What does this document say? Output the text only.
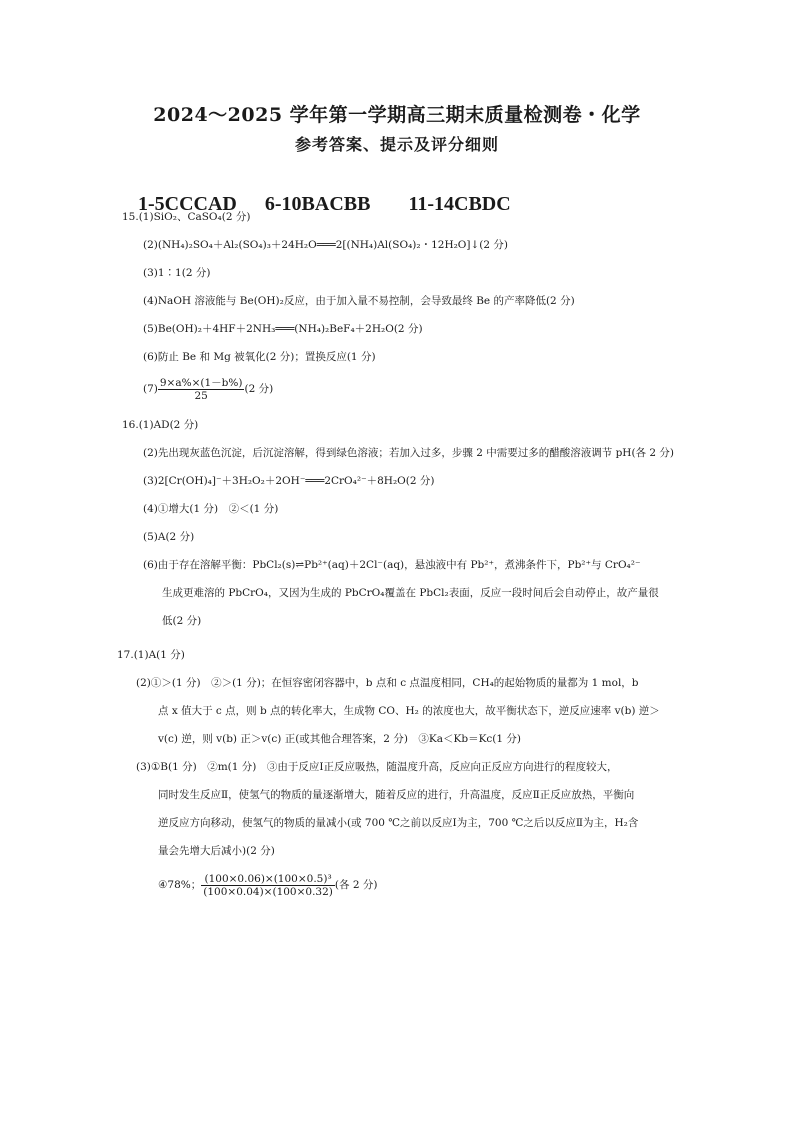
2024～2025 学年第一学期高三期末质量检测卷・化学
参考答案、提示及评分细则

1-5CCCAD 6-10BACBB 11-14CBDC

15.(1)SiO₂、CaSO₄(2 分)
(2)(NH₄)₂SO₄＋Al₂(SO₄)₃＋24H₂O═══2[(NH₄)Al(SO₄)₂・12H₂O]↓(2 分)
(3)1∶1(2 分)
(4)NaOH 溶液能与 Be(OH)₂反应，由于加入量不易控制，会导致最终 Be 的产率降低(2 分)
(5)Be(OH)₂＋4HF＋2NH₃═══(NH₄)₂BeF₄＋2H₂O(2 分)
(6)防止 Be 和 Mg 被氧化(2 分)；置换反应(1 分)
$(7) \frac{9\times a\%\times(1-b\%)}{25} (2$ 分)
16.(1)AD(2 分)
(2)先出现灰蓝色沉淀，后沉淀溶解，得到绿色溶液；若加入过多，步骤 2 中需要过多的醋酸溶液调节 pH(各 2 分)
(3)2[Cr(OH)₄]⁻＋3H₂O₂＋2OH⁻═══2CrO₄²⁻＋8H₂O(2 分)
(4)①增大(1 分)　②＜(1 分)
(5)A(2 分)
(6)由于存在溶解平衡：PbCl₂(s)⇌Pb²⁺(aq)＋2Cl⁻(aq)，悬浊液中有 Pb²⁺，煮沸条件下，Pb²⁺与 CrO₄²⁻
生成更难溶的 PbCrO₄，又因为生成的 PbCrO₄覆盖在 PbCl₂表面，反应一段时间后会自动停止，故产量很
低(2 分)
17.(1)A(1 分)
(2)①＞(1 分)　②＞(1 分)；在恒容密闭容器中，b 点和 c 点温度相同，CH₄的起始物质的量都为 1 mol，b
点 x 值大于 c 点，则 b 点的转化率大，生成物 CO、H₂ 的浓度也大，故平衡状态下，逆反应速率 v(b) 逆＞
v(c) 逆，则 v(b) 正＞v(c) 正(或其他合理答案，2 分)　③Ka＜Kb＝Kc(1 分)
(3)①B(1 分)　②m(1 分)　③由于反应Ⅰ正反应吸热，随温度升高，反应向正反应方向进行的程度较大，
同时发生反应Ⅱ，使氢气的物质的量逐渐增大，随着反应的进行，升高温度，反应Ⅱ正反应放热，平衡向
逆反应方向移动，使氢气的物质的量减小(或 700 ℃之前以反应Ⅰ为主，700 ℃之后以反应Ⅱ为主，H₂含
量会先增大后减小)(2 分)
④78%； $\frac{\text{(100×0.06)×(100×0.5)³}}{(100\times 0.04)\times(100\times 0.32)}$ (各 2 分)
